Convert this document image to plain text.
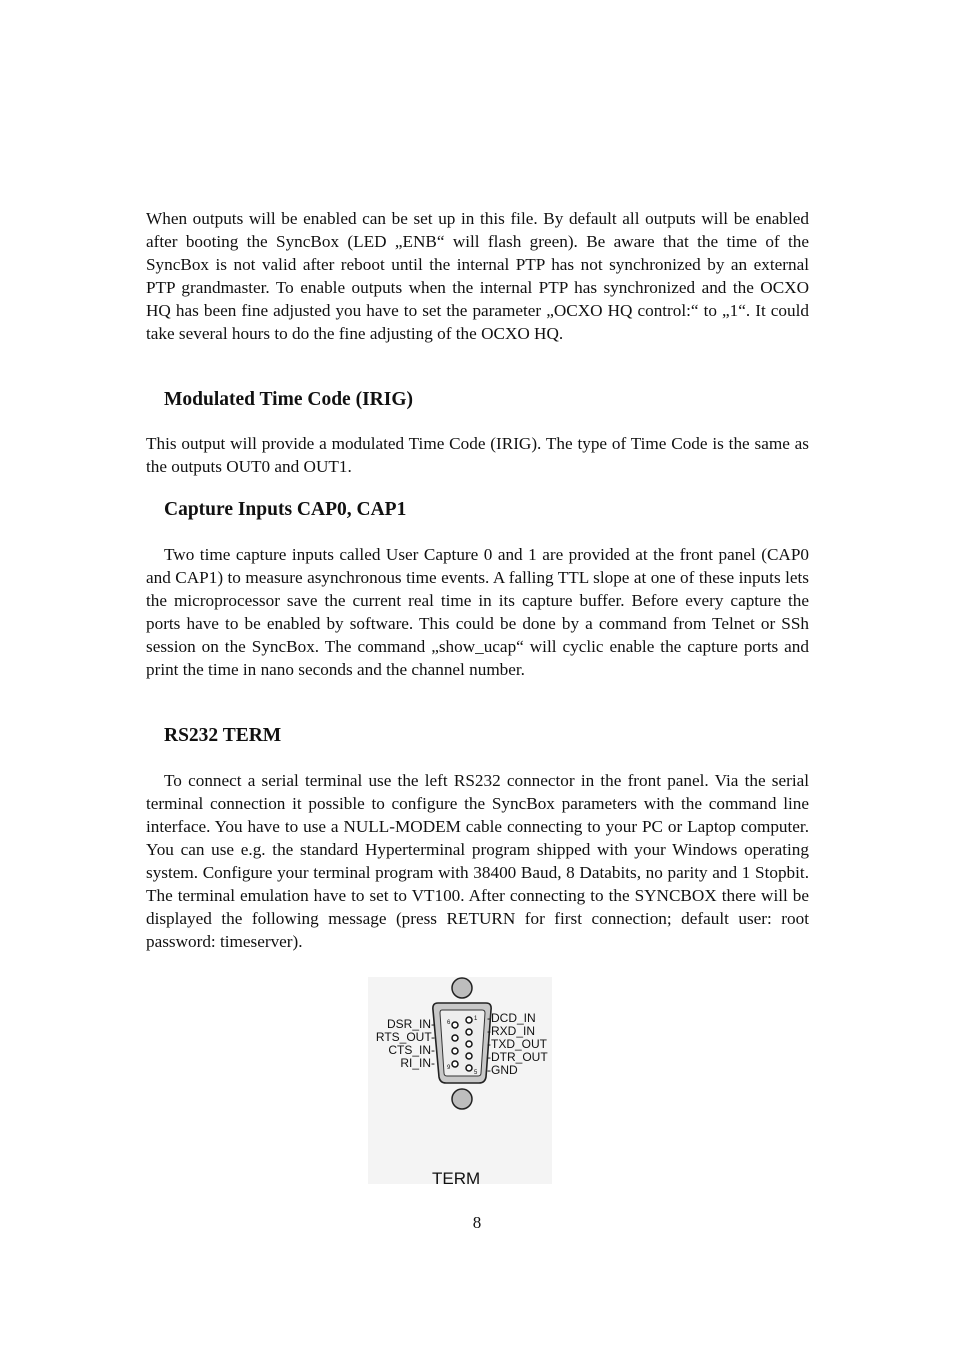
When outputs will be enabled can be set up in this file. By default all outputs will be enabled after booting the SyncBox (LED „ENB“ will flash green). Be aware that the time of the SyncBox is not valid after reboot until the internal PTP has not synchronized by an external PTP grandmaster. To enable outputs when the internal PTP has synchronized and the OCXO HQ has been fine adjusted you have to set the parameter „OCXO HQ control:“ to „1“. It could take several hours to do the fine adjusting of the OCXO HQ.

Modulated Time Code (IRIG)

This output will provide a modulated Time Code (IRIG). The type of Time Code is the same as the outputs OUT0 and OUT1.

Capture Inputs CAP0, CAP1

Two time capture inputs called User Capture 0 and 1 are provided at the front panel (CAP0 and CAP1) to measure asynchronous time events. A falling TTL slope at one of these inputs lets the microprocessor save the current real time in its capture buffer. Before every capture the ports have to be enabled by software. This could be done by a command from Telnet or SSh session on the SyncBox. The command „show_ucap“ will cyclic enable the capture ports and print the time in nano seconds and the channel number.

RS232 TERM

To connect a serial terminal use the left RS232 connector in the front panel. Via the serial terminal connection it possible to configure the SyncBox parameters with the command line interface. You have to use a NULL-MODEM cable connecting to your PC or Laptop computer. You can use e.g. the standard Hyperterminal program shipped with your Windows operating system. Configure your terminal program with 38400 Baud, 8 Databits, no parity and 1 Stopbit. The terminal emulation have to set to VT100. After connecting to the SYNCBOX there will be displayed the following message (press RETURN for first connection; default user: root password: timeserver).

6
1
9
5
DSR_IN-
RTS_OUT-
CTS_IN-
RI_IN-
-DCD_IN
-RXD_IN
-TXD_OUT
-DTR_OUT
-GND
TERM
8
